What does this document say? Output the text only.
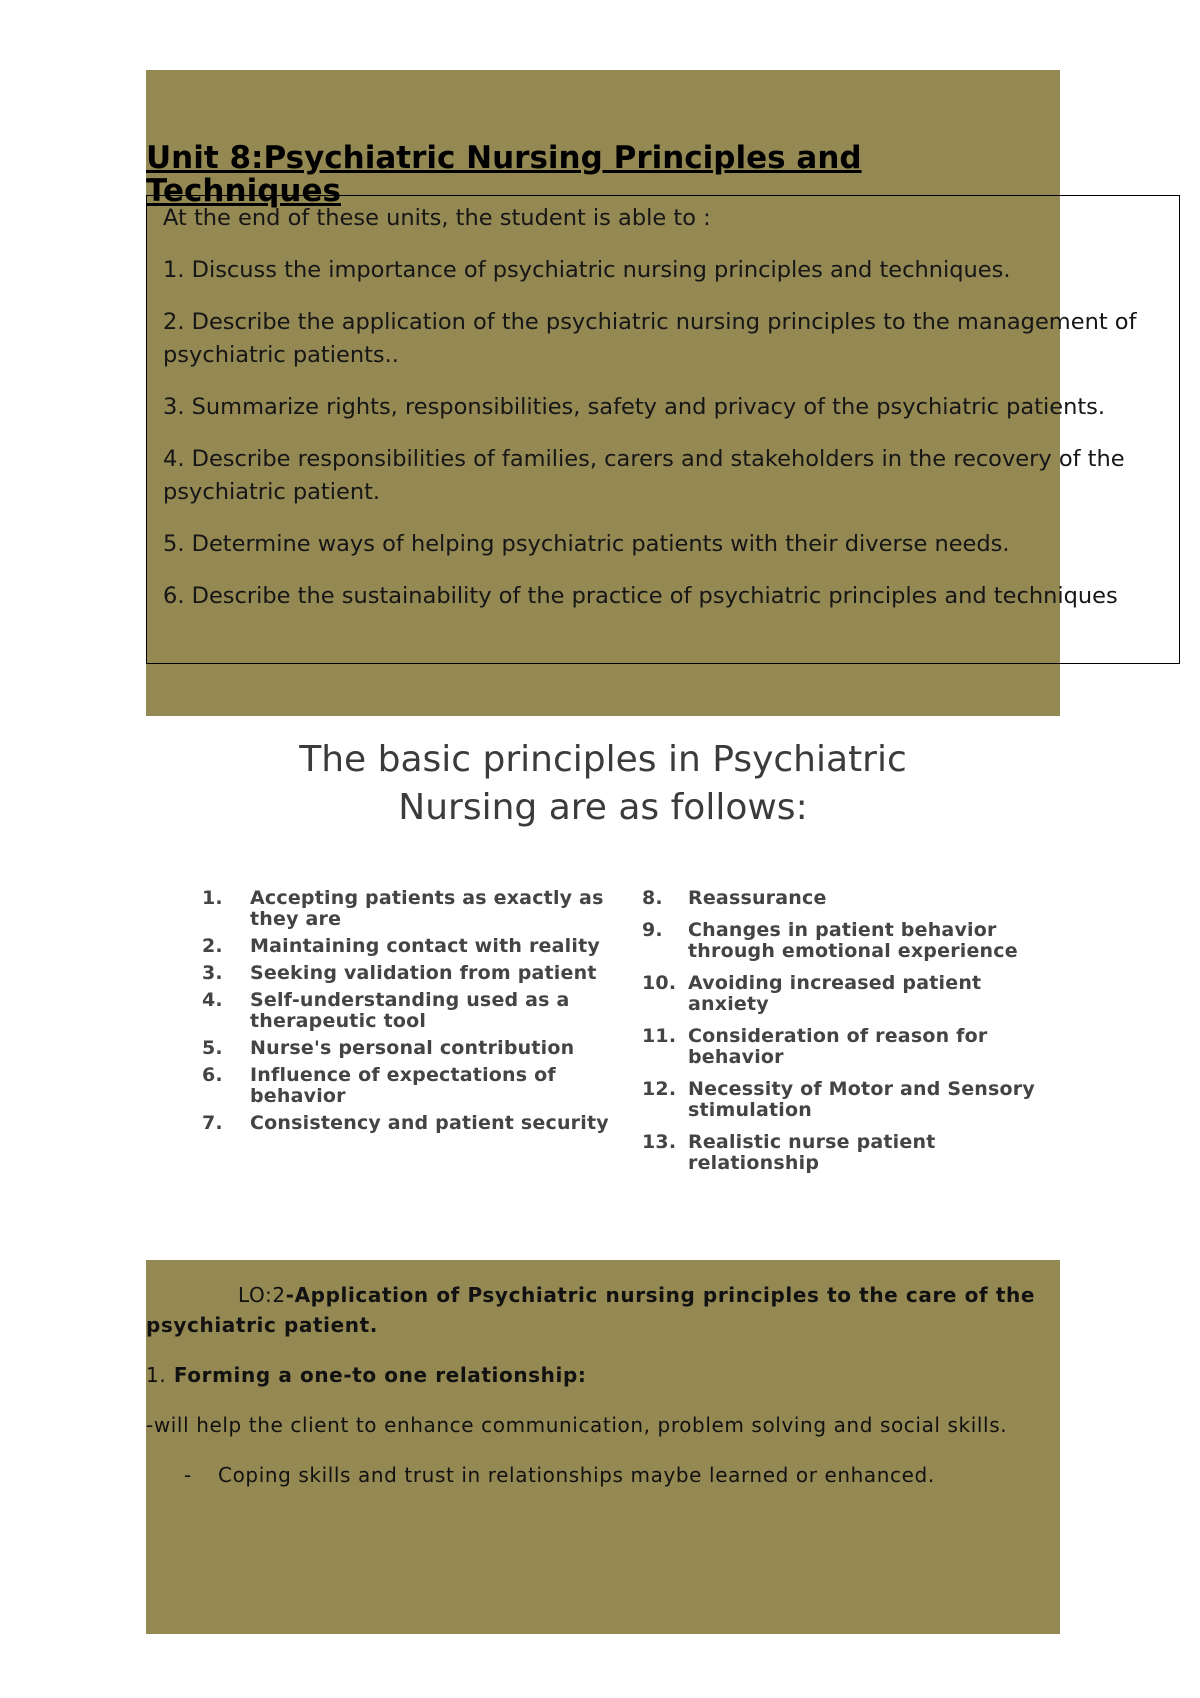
Unit 8:Psychiatric Nursing Principles and Techniques

At the end of these units, the student is able to :

1. Discuss the importance of psychiatric nursing principles and techniques.

2. Describe the application of the psychiatric nursing principles to the management of psychiatric patients..

3. Summarize rights, responsibilities, safety and privacy of the psychiatric patients.

4. Describe responsibilities of families, carers and stakeholders in the recovery of the psychiatric patient.

5. Determine ways of helping psychiatric patients with their diverse needs.

6. Describe the sustainability of the practice of psychiatric principles and techniques

The basic principles in Psychiatric
Nursing are as follows:
1. Accepting patients as exactly as they are
2. Maintaining contact with reality
3. Seeking validation from patient
4. Self-understanding used as a therapeutic tool
5. Nurse's personal contribution
6. Influence of expectations of behavior
7. Consistency and patient security
8. Reassurance
9. Changes in patient behavior through emotional experience
10. Avoiding increased patient anxiety
11. Consideration of reason for behavior
12. Necessity of Motor and Sensory stimulation
13. Realistic nurse patient relationship

LO:2-Application of Psychiatric nursing principles to the care of the psychiatric patient.

1. Forming a one-to one relationship:

-will help the client to enhance communication, problem solving and social skills.

- Coping skills and trust in relationships maybe learned or enhanced.
